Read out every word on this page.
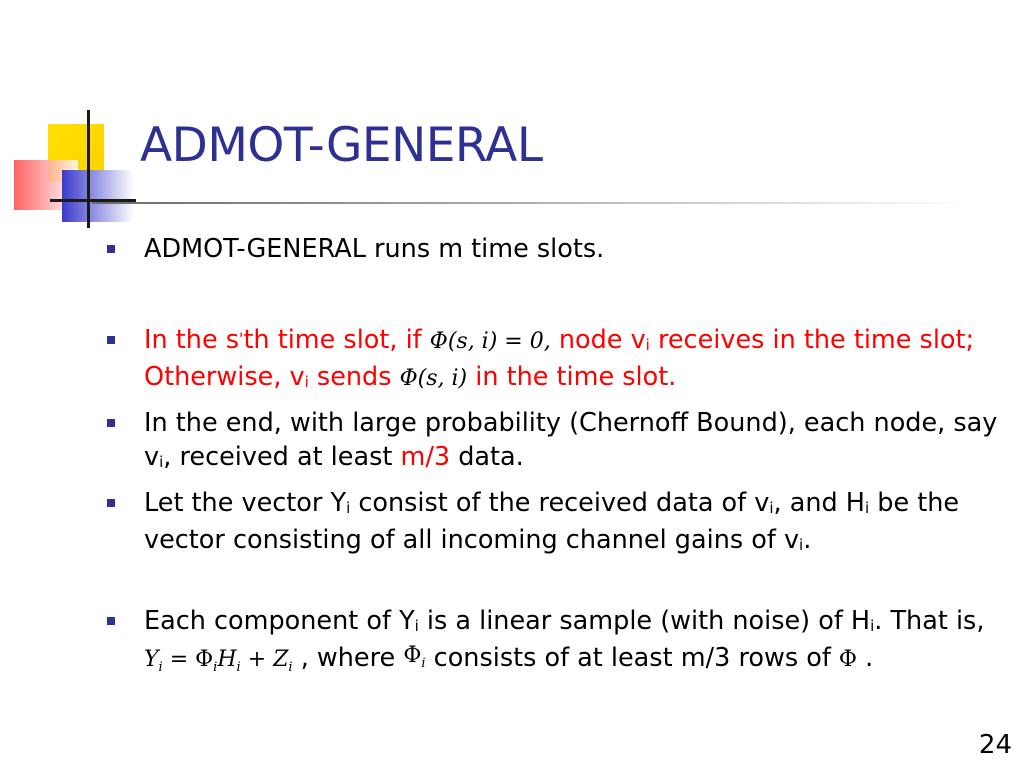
ADMOT-GENERAL
ADMOT-GENERAL runs m time slots.
In the s'th time slot, if Φ(s, i) = 0, node vi receives in the time slot; Otherwise, vi sends Φ(s, i) in the time slot.
In the end, with large probability (Chernoff Bound), each node, say vi, received at least m/3 data.
Let the vector Yi consist of the received data of vi, and Hi be the vector consisting of all incoming channel gains of vi.
Each component of Yi is a linear sample (with noise) of Hi. That is, $Y_i = \Phi_iH_i + Z_i$ , where $\Phi_i$ consists of at least m/3 rows of Φ .
24
